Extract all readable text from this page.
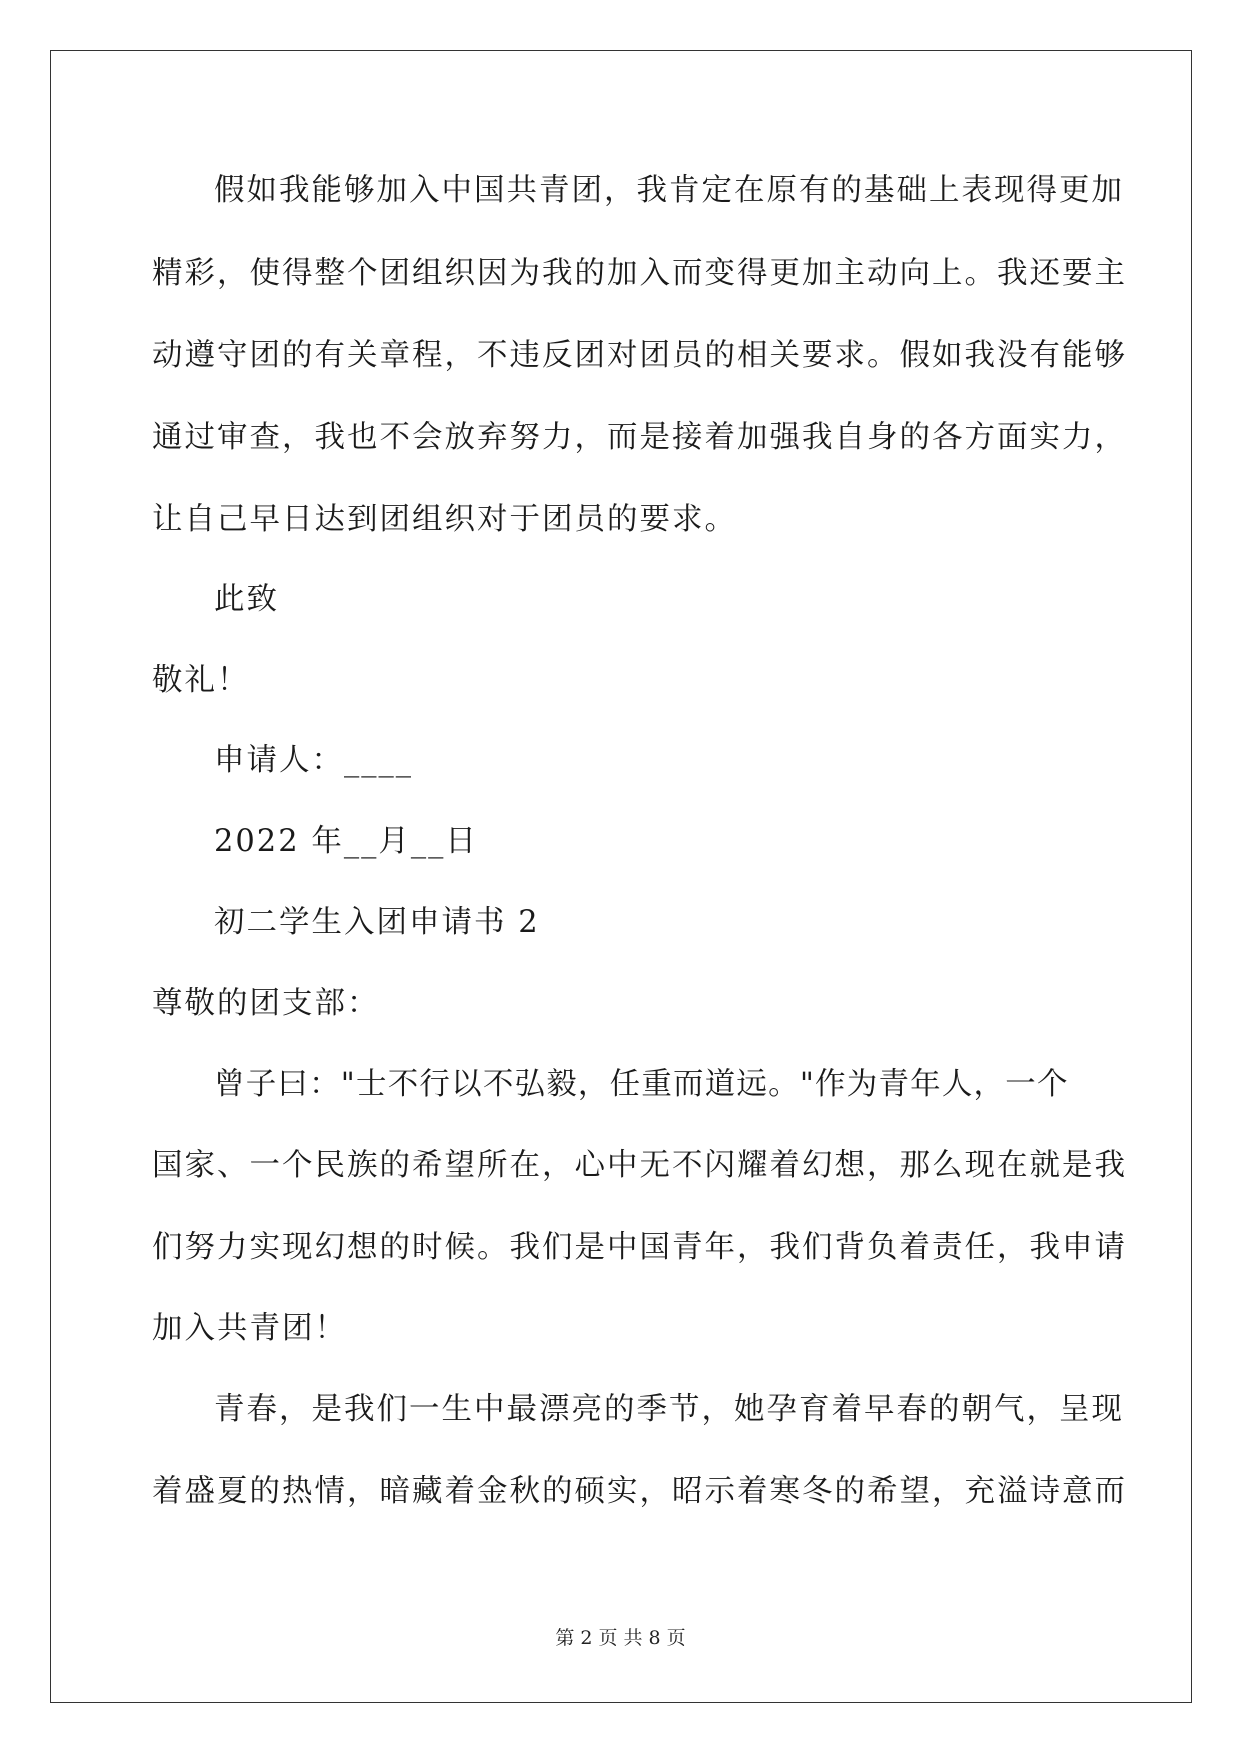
假如我能够加入中国共青团，我肯定在原有的基础上表现得更加
精彩，使得整个团组织因为我的加入而变得更加主动向上。我还要主
动遵守团的有关章程，不违反团对团员的相关要求。假如我没有能够
通过审查，我也不会放弃努力，而是接着加强我自身的各方面实力，
让自己早日达到团组织对于团员的要求。
此致
敬礼！
申请人：____
2022 年__月__日
初二学生入团申请书 2
尊敬的团支部：
曾子曰："士不行以不弘毅，任重而道远。"作为青年人，一个
国家、一个民族的希望所在，心中无不闪耀着幻想，那么现在就是我
们努力实现幻想的时候。我们是中国青年，我们背负着责任，我申请
加入共青团！
青春，是我们一生中最漂亮的季节，她孕育着早春的朝气，呈现
着盛夏的热情，暗藏着金秋的硕实，昭示着寒冬的希望，充溢诗意而
第 2 页 共 8 页
